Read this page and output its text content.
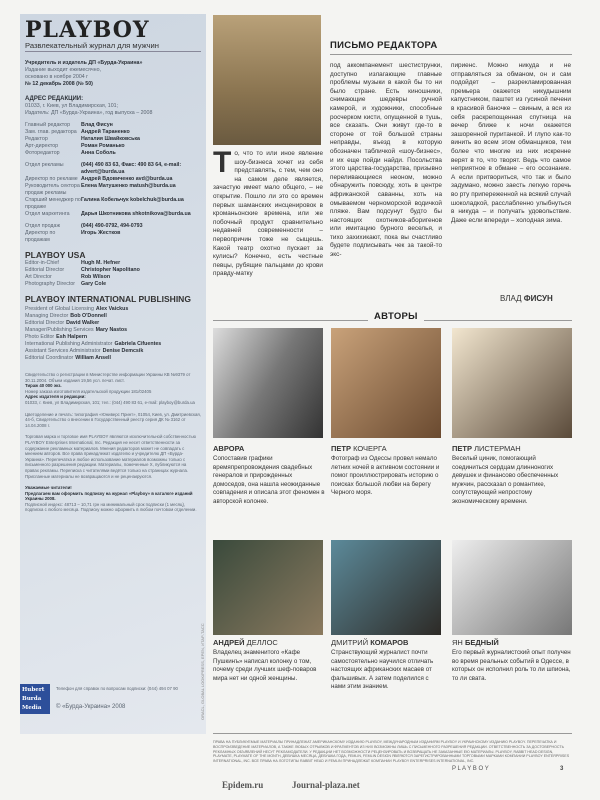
PLAYBOY
Развлекательный журнал для мужчин
Учредитель и издатель ДП «Бурда-Украина»
Издание выходит ежемесячно,
основано в ноябре 2004 г
№ 12 декабрь 2008 (№ 50)
АДРЕС РЕДАКЦИИ:
01033, г. Киев, ул Владимирская, 101;
Издатель: ДП «Бурда-Украина», год выпуска – 2008
Главный редактор	Влад Фисун
Зам. глав. редактора Андрей Тараненко
Редактор	Наталия Швайковська
Арт-директор	Роман Романько
Фоторедактор	Анна Соболь
Отдел рекламы	(044) 490 83 63, Факс: 490 83 64, e-mail: advert@burda.ua
Директор по рекламе Андрей Вдовиченко avd@burda.ua
Руководитель сектора продаж рекламы
Елена Матушенко matush@burda.ua
Старший менеджер по продаже
Галина Кобельчук kobelchuk@burda.ua
Отдел маркетинга	Дарья Шкотникова shkotnikova@burda.ua
Отдел продаж	(044) 490-0792, 494-0793
Директор по продажам
Игорь Жестков
PLAYBOY USA
Editor-in-Chief	Hugh M. Hefner
Editorial Director	Christopher Napolitano
Art Director	Rob Wilson
Photography Director	Gary Cole
PLAYBOY INTERNATIONAL PUBLISHING
President of Global Licensing Alex Vaickus
Managing Director Bob O'Donnell
Editorial Director David Walker
Manager/Publishing Services Mary Nastos
Photo Editor Esh Halpern
International Publishing Administrator Gabriela Cifuentes
Assistant Services Administrator Denise Demcsik
Editorial Coordinator William Ansell
Свидетельство о регистрации в Министерстве информации Украины КВ №9379 от 30.11.2004. Объем издания 19,56 усл. печат. лист.
Тираж 40 000 экз.
Номер заказа изготовителя издательской продукции 181/02405
Адрес издателя и редакции:
01033, г. Киев, ул Владимирская, 101; тел.: (044) 490 83 61, e-mail: playboy@burda.ua
Цветоделение и печать: типография «Юниверс Принт», 01054, Киев, ул. Дмитриевская, 44-б, Свидетельство о внесении в Государственный реестр серия ДК № 3162 от 14.04.2008 г.
Торговая марка и торговое имя PLAYBOY являются исключительной собственностью PLAYBOY Enterprises International, Inc. Редакция не несет ответственности за содержание рекламных материалов. Мнения редакторов может не совпадать с мнением авторов. Все права принадлежат издателю и учредителю ДП «Бурда-Украина». Перепечатка и любое использование материалов возможны только с письменного разрешения редакции. Материалы, помеченные X, публикуются на правах рекламы. Переписка с читателями ведётся только на страницах журнала. Присланные материалы не возвращаются и не рецензируются.
Уважаемые читатели!
Предлагаем вам оформить подписку на журнал «Playboy» в каталоге изданий Украины 2008.
Подписной индекс: 48713 – 10,71 грн на минимальный срок подписки (1 месяц), подписка с любого месяца. Подписку можно оформить в любом почтовом отделении.
Hubert Burda Media
Телефон для справок по вопросам подписки: (044) 494 07 90
© «Бурда-Украина» 2008	ORACL, GLOBAL LOOK/PRESS, EPEN, ИТАР-ТАСС
ПИСЬМО РЕДАКТОРА
То, что то или иное явление шоу-бизнеса хочет из себя представлять, с тем, чем оно на самом деле является, зачастую имеет мало общего, – не открытие. Пошло ли это со времен первых шаманских инсценировок в кроманьонские времена, или же побочный продукт сравнительно недавней современности – первопричин тоже не сыщешь. Какой театр охотно пускает за кулисы? Конечно, есть честные певцы, рубящие пальцами до крови правду-матку
под аккомпанемент шестиструнки, доступно излагающие главные проблемы музыки в какой бы то ни было стране. Есть киношники, снимающие шедевры ручной камерой, и художники, способные росчерком кисти, опущенной в тушь, все сказать. Они живут где-то в стороне от той большой страны неправды, въезд в которую обозначен табличкой «шоу-бизнес», и их еще пойди найди. Посольства этого царства-государства, призывно переливающиеся неоном, можно обнаружить повсюду, хоть в центре африканской саванны, хоть на омываемом черноморской водичкой пляже. Вам подсунут будто бы настоящих охотников-аборигенов или имитацию бурного веселья, и тихо захихикают, пока вы счастливо будете подписывать чек за такой-то экс-
пириенс. Можно никуда и не отправляться за обманом, он и сам подойдет – разрекламированная премьера окажется никудышним капустником, паштет из гусиной печени в красивой баночке – свиным, а вся из себя раскрепощенная спутница на вечер ближе к ночи окажется зашоренной пуританкой. И глупо как-то винить во всем этом обманщиков, тем более что многие из них искренне верят в то, что творят. Ведь что самое неприятное в обмане – его осознание. А если притвориться, что так и было задумано, можно заесть легкую горечь во рту припереженной на всякий случай шоколадкой, расслабленно улыбнуться в никуда – и получать удовольствие. Даже если впереди – холодная зима.
ВЛАД ФИСУН
АВТОРЫ
АВРОРА
Сопоставив графики времяпрепровождения свадебных генералов и прирожденных домоседов, она нашла неожиданные совпадения и описала этот феномен в авторской колонке.
ПЕТР КОЧЕРГА
Фотограф из Одессы провел немало летних ночей в активном состоянии и помог проиллюстрировать историю о поисках большой любви на берегу Черного моря.
ПЕТР ЛИСТЕРМАН
Веселый циник, помогающий соединиться сердцам длинноногих девушек и финансово обеспеченных мужчин, рассказал о романтике, сопутствующей непростому экономическому времени.
АНДРЕЙ ДЕЛЛОС
Владелец знаменитого «Кафе Пушкинъ» написал колонку о том, почему среди лучших шеф-поваров мира нет ни одной женщины.
ДМИТРИЙ КОМАРОВ
Странствующий журналист почти самостоятельно научился отличать настоящих африканских масаев от фальшивых. А затем поделился с нами этим знанием.
ЯН БЕДНЫЙ
Его первый журналистский опыт получен во время реальных событий в Одессе, в которых он исполнил роль то ли шпиона, то ли свата.
ПРАВА НА ПУБЛИКУЕМЫЕ МАТЕРИАЛЫ ПРИНАДЛЕЖАТ АМЕРИКАНСКОМУ ИЗДАНИЮ PLAYBOY, МЕЖДУНАРОДНЫМ ИЗДАНИЯМ PLAYBOY И УКРАИНСКОМУ ИЗДАНИЮ PLAYBOY. ПЕРЕПЕЧАТКА И ВОСПРОИЗВЕДЕНИЕ МАТЕРИАЛОВ, А ТАКЖЕ ЛЮБЫХ ОТРЫВКОВ И ФРАГМЕНТОВ ИЗ НИХ ВОЗМОЖНЫ ЛИШЬ С ПИСЬМЕННОГО РАЗРЕШЕНИЯ РЕДАКЦИИ. ОТВЕТСТВЕННОСТЬ ЗА ДОСТОВЕРНОСТЬ РЕКЛАМНЫХ ОБЪЯВЛЕНИЙ НЕСУТ РЕКЛАМОДАТЕЛИ. У РЕДАКЦИИ НЕТ ВОЗМОЖНОСТИ РЕЦЕНЗИРОВАТЬ И ВОЗВРАЩАТЬ НЕ ЗАКАЗАННЫЕ ЕЮ МАТЕРИАЛЫ. PLAYBOY, RABBIT HEAD DESIGN, PLAYMATE, PLAYMATE OF THE MONTH, ДЕВУШКА МЕСЯЦА, ДЕВУШКА ГОДА, FEMLIN, FEMLIN DESIGN ЯВЛЯЮТСЯ ЗАРЕГИСТРИРОВАННЫМИ ТОРГОВЫМИ МАРКАМИ КОМПАНИИ PLAYBOY ENTERPRISES INTERNATIONAL, INC. ВСЕ ПРАВА НА ЛОГОТИПЫ RABBIT HEAD И FEMLIN ПРИНАДЛЕЖАТ КОМПАНИИ PLAYBOY ENTERPRISES INTERNATIONAL, INC.
P L A Y B O Y	3
Epidem.ru	Journal-plaza.net
